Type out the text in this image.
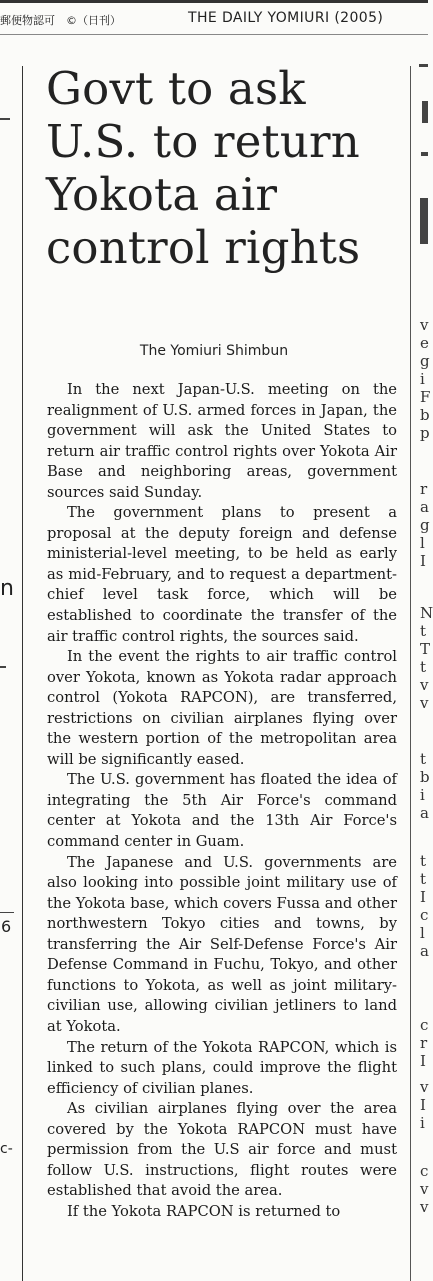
郵便物認可　©（日刊）	THE DAILY YOMIURI (2005)
n
6
c-
v
e
g
i
F
b
p
r
a
g
l
I
N
t
T
t
v
v
t
b
i
a
t
t
I
c
l
a
c
r
I
v
I
i
c
v
v
Govt to ask U.S. to return Yokota air control rights
The Yomiuri Shimbun

In the next Japan-U.S. meeting on the realignment of U.S. armed forces in Japan, the government will ask the United States to return air traffic control rights over Yokota Air Base and neighboring areas, government sources said Sunday.

The government plans to present a proposal at the deputy foreign and defense ministerial-level meeting, to be held as early as mid-February, and to request a department-chief level task force, which will be established to coordinate the transfer of the air traffic control rights, the sources said.

In the event the rights to air traffic control over Yokota, known as Yokota radar approach control (Yokota RAPCON), are transferred, restrictions on civilian airplanes flying over the western portion of the metropolitan area will be significantly eased.

The U.S. government has floated the idea of integrating the 5th Air Force's command center at Yokota and the 13th Air Force's command center in Guam.

The Japanese and U.S. governments are also looking into possible joint military use of the Yokota base, which covers Fussa and other northwestern Tokyo cities and towns, by transferring the Air Self-Defense Force's Air Defense Command in Fuchu, Tokyo, and other functions to Yokota, as well as joint military-civilian use, allowing civilian jetliners to land at Yokota.

The return of the Yokota RAPCON, which is linked to such plans, could improve the flight efficiency of civilian planes.

As civilian airplanes flying over the area covered by the Yokota RAPCON must have permission from the U.S air force and must follow U.S. instructions, flight routes were established that avoid the area.

If the Yokota RAPCON is returned to
